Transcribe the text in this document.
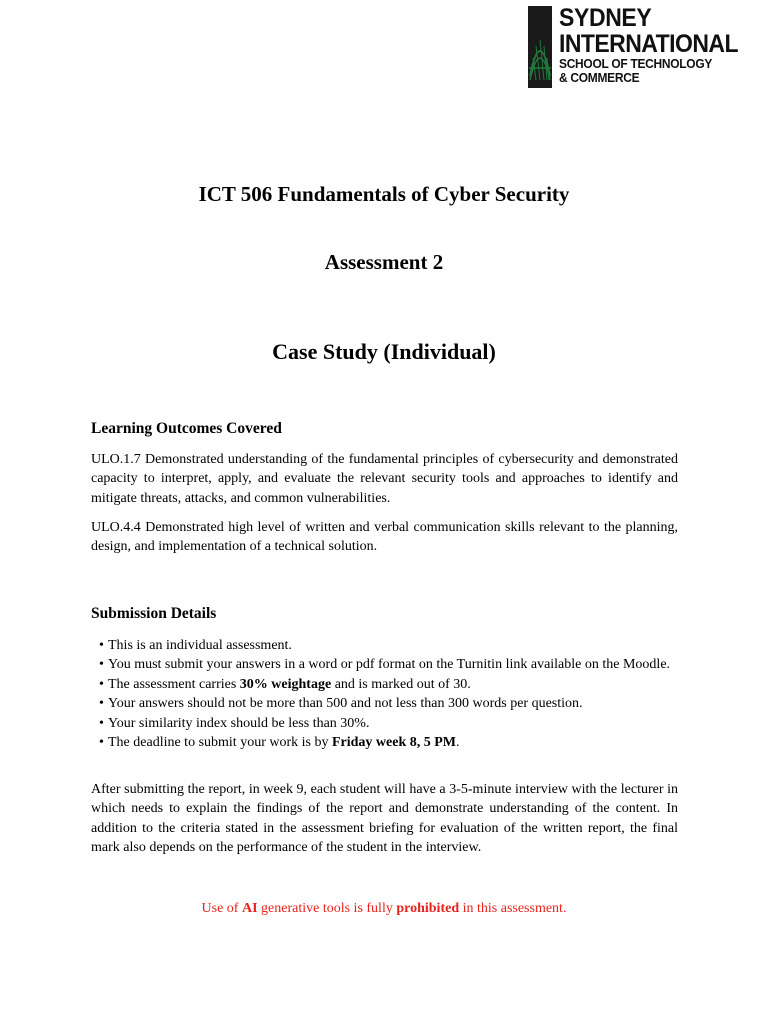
SYDNEY
INTERNATIONAL
SCHOOL OF TECHNOLOGY
& COMMERCE
ICT 506 Fundamentals of Cyber Security
Assessment 2
Case Study (Individual)
Learning Outcomes Covered

ULO.1.7 Demonstrated understanding of the fundamental principles of cybersecurity and demonstrated capacity to interpret, apply, and evaluate the relevant security tools and approaches to identify and mitigate threats, attacks, and common vulnerabilities.

ULO.4.4 Demonstrated high level of written and verbal communication skills relevant to the planning, design, and implementation of a technical solution.

Submission Details
• This is an individual assessment.
• You must submit your answers in a word or pdf format on the Turnitin link available on the Moodle.
• The assessment carries 30% weightage and is marked out of 30.
• Your answers should not be more than 500 and not less than 300 words per question.
• Your similarity index should be less than 30%.
• The deadline to submit your work is by Friday week 8, 5 PM.

After submitting the report, in week 9, each student will have a 3-5-minute interview with the lecturer in which needs to explain the findings of the report and demonstrate understanding of the content. In addition to the criteria stated in the assessment briefing for evaluation of the written report, the final mark also depends on the performance of the student in the interview.

Use of AI generative tools is fully prohibited in this assessment.
